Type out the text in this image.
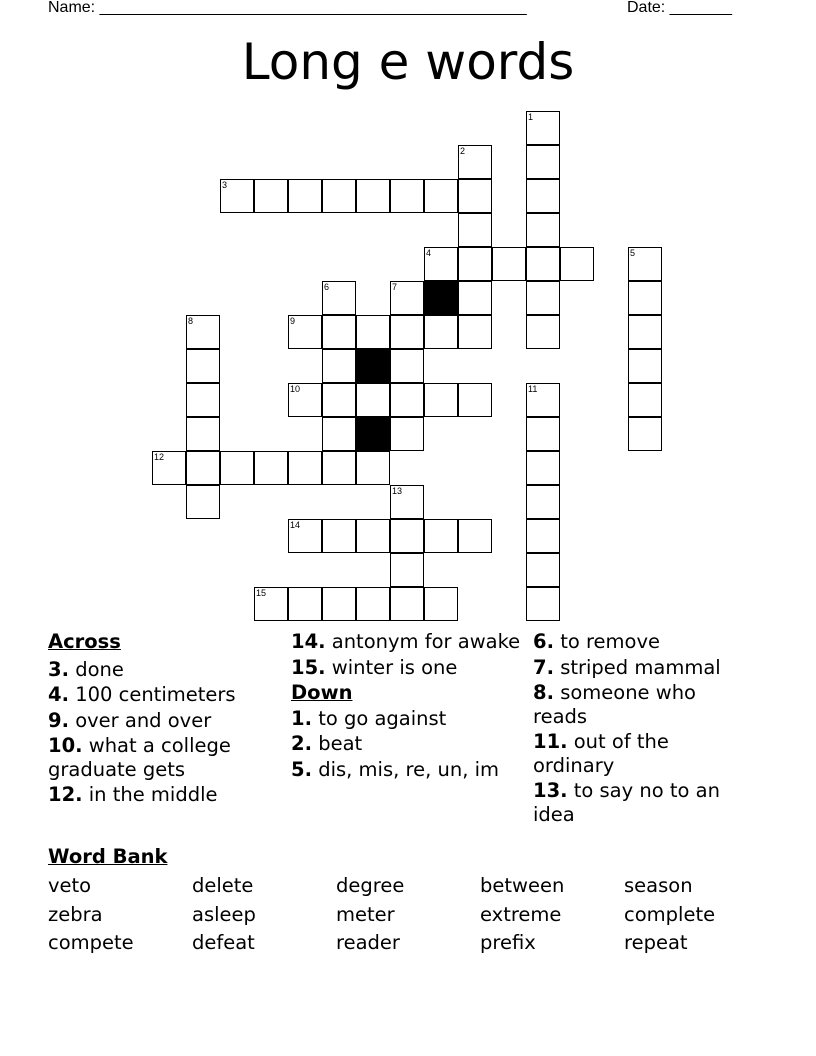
Name: ________________________________________________	Date: _______
Long e words
3
4
9
10
12
14
15
1
2
5
6	7
8
11
13
Across
3. done
4. 100 centimeters
9. over and over
10. what a college graduate gets
12. in the middle
14. antonym for awake
15. winter is one
Down
1. to go against
2. beat
5. dis, mis, re, un, im
6. to remove
7. striped mammal
8. someone who reads
11. out of the ordinary
13. to say no to an idea
Word Bank
veto	delete	degree	between	season
zebra	asleep	meter	extreme	complete
compete	defeat	reader	prefix	repeat
